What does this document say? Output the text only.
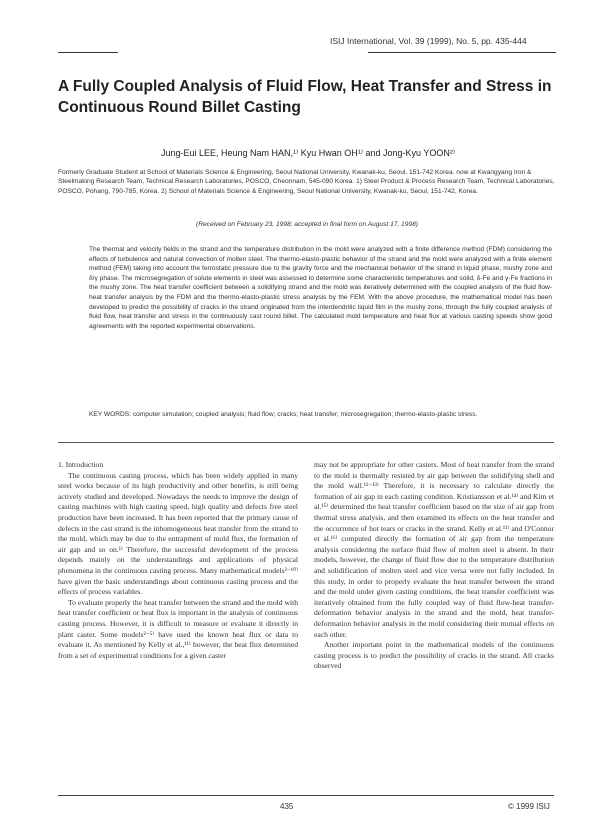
ISIJ International, Vol. 39 (1999), No. 5, pp. 435-444
A Fully Coupled Analysis of Fluid Flow, Heat Transfer and Stress in Continuous Round Billet Casting
Jung-Eui LEE, Heung Nam HAN,¹⁾ Kyu Hwan OH¹⁾ and Jong-Kyu YOON²⁾
Formerly Graduate Student at School of Materials Science & Engineering, Seoul National University, Kwanak-ku, Seoul, 151-742 Korea. now at Kwangyang Iron & Steelmaking Research Team, Technical Research Laboratories, POSCO, Cheonnam, 545-090 Korea. 1) Steel Product & Process Research Team, Technical Laboratories, POSCO, Pohang, 790-785, Korea. 2) School of Materials Science & Engineering, Seoul National University, Kwanak-ku, Seoul, 151-742, Korea.
(Received on February 23, 1998; accepted in final form on August 17, 1998)
The thermal and velocity fields in the strand and the temperature distribution in the mold were analyzed with a finite difference method (FDM) considering the effects of turbulence and natural convection of molten steel. The thermo-elasto-plastic behavior of the strand and the mold were analyzed with a finite element method (FEM) taking into account the ferrostatic pressure due to the gravity force and the mechanical behavior of the strand in liquid phase, mushy zone and δ/γ phase. The microsegregation of solute elements in steel was assessed to determine some characteristic temperatures and solid, δ-Fe and γ-Fe fractions in the mushy zone. The heat transfer coefficient between a solidifying strand and the mold was iteratively determined with the coupled analysis of the fluid flow-heat transfer analysis by the FDM and the thermo-elasto-plastic stress analysis by the FEM. With the above procedure, the mathematical model has been developed to predict the possibility of cracks in the strand originated from the interdendritic liquid film in the mushy zone, through the fully coupled analysis of fluid flow, heat transfer and stress in the continuously cast round billet. The calculated mold temperature and heat flux at various casting speeds show good agreements with the reported experimental observations.
KEY WORDS: computer simulation; coupled analysis; fluid flow; cracks; heat transfer; microsegregation; thermo-elasto-plastic stress.

1. Introduction

The continuous casting process, which has been widely applied in many steel works because of its high productivity and other benefits, is still being actively studied and developed. Nowadays the needs to improve the design of casting machines with high casting speed, high quality and defects free steel production have been increased. It has been reported that the primary cause of defects in the cast strand is the inhomogeneous heat transfer from the strand to the mold, which may be due to the entrapment of mold flux, the formation of air gap and so on.¹⁾ Therefore, the successful development of the process depends mainly on the understandings and applications of physical phenomena in the continuous casting process. Many mathematical models²⁻¹⁰⁾ have given the basic understandings about continuous casting process and the effects of process variables.

To evaluate properly the heat transfer between the strand and the mold with heat transfer coefficient or heat flux is important in the analysis of continuous casting process. However, it is difficult to measure or evaluate it directly in plant caster. Some models²⁻⁵⁾ have used the known heat flux or data to evaluate it. As mentioned by Kelly et al.,¹¹⁾ however, the heat flux determined from a set of experimental conditions for a given caster

may not be appropriate for other casters. Most of heat transfer from the strand to the mold is thermally resisted by air gap between the solidifying shell and the mold wall.¹¹⁻¹³⁾ Therefore, it is necessary to calculate directly the formation of air gap in each casting condition. Kristiansson et al.¹⁴⁾ and Kim et al.¹⁵⁾ determined the heat transfer coefficient based on the size of air gap from thermal stress analysis, and then examined its effects on the heat transfer and the occurrence of hot tears or cracks in the strand. Kelly et al.¹¹⁾ and O'Connor et al.¹⁶⁾ computed directly the formation of air gap from the temperature analysis considering the surface fluid flow of molten steel is absent. In their models, however, the change of fluid flow due to the temperature distribution and solidification of molten steel and vice versa were not fully included. In this study, in order to properly evaluate the heat transfer between the strand and the mold under given casting conditions, the heat transfer coefficient was iteratively obtained from the fully coupled way of fluid flow-heat transfer-deformation behavior analysis in the strand and the mold, heat transfer-deformation behavior analysis in the mold considering their mutual effects on each other.

Another important point in the mathematical models of the continuous casting process is to predict the possibility of cracks in the strand. All cracks observed

435	© 1999 ISIJ
